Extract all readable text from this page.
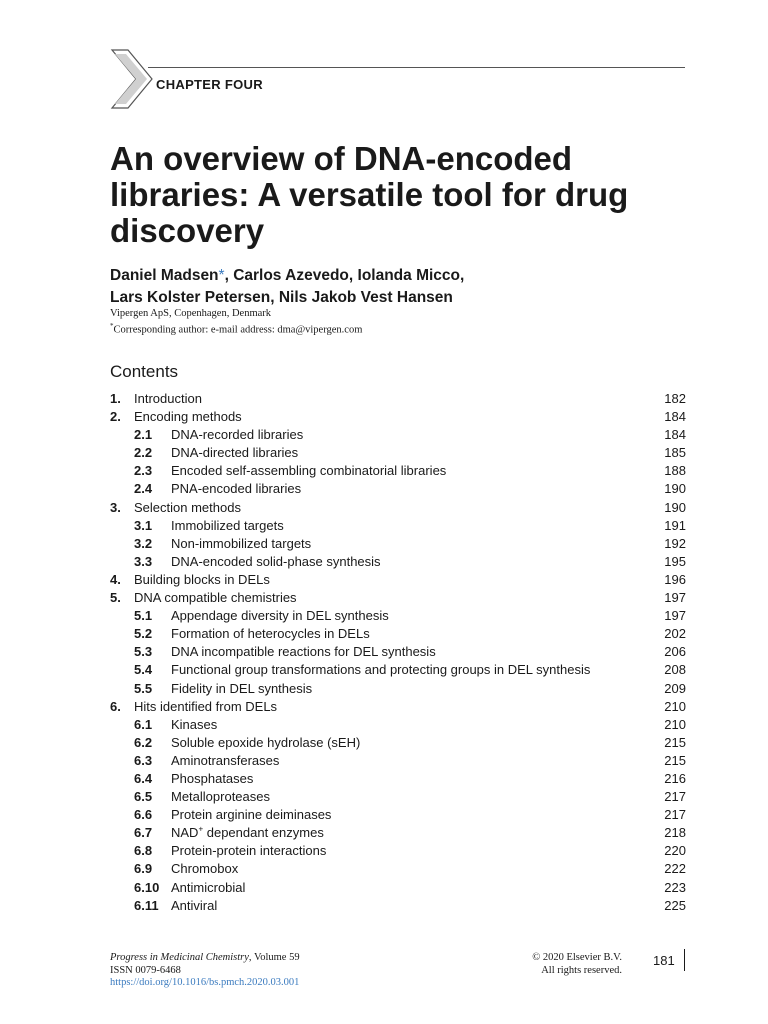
CHAPTER FOUR
An overview of DNA-encoded libraries: A versatile tool for drug discovery
Daniel Madsen*, Carlos Azevedo, Iolanda Micco,
Lars Kolster Petersen, Nils Jakob Vest Hansen
Vipergen ApS, Copenhagen, Denmark
*Corresponding author: e-mail address: dma@vipergen.com
Contents
1. Introduction	182
2. Encoding methods	184
2.1 DNA-recorded libraries	184
2.2 DNA-directed libraries	185
2.3 Encoded self-assembling combinatorial libraries	188
2.4 PNA-encoded libraries	190
3. Selection methods	190
3.1 Immobilized targets	191
3.2 Non-immobilized targets	192
3.3 DNA-encoded solid-phase synthesis	195
4. Building blocks in DELs	196
5. DNA compatible chemistries	197
5.1 Appendage diversity in DEL synthesis	197
5.2 Formation of heterocycles in DELs	202
5.3 DNA incompatible reactions for DEL synthesis	206
5.4 Functional group transformations and protecting groups in DEL synthesis	208
5.5 Fidelity in DEL synthesis	209
6. Hits identified from DELs	210
6.1 Kinases	210
6.2 Soluble epoxide hydrolase (sEH)	215
6.3 Aminotransferases	215
6.4 Phosphatases	216
6.5 Metalloproteases	217
6.6 Protein arginine deiminases	217
6.7 NAD+ dependant enzymes	218
6.8 Protein-protein interactions	220
6.9 Chromobox	222
6.10 Antimicrobial	223
6.11 Antiviral	225
Progress in Medicinal Chemistry, Volume 59
ISSN 0079-6468
https://doi.org/10.1016/bs.pmch.2020.03.001
© 2020 Elsevier B.V.
All rights reserved.
181
